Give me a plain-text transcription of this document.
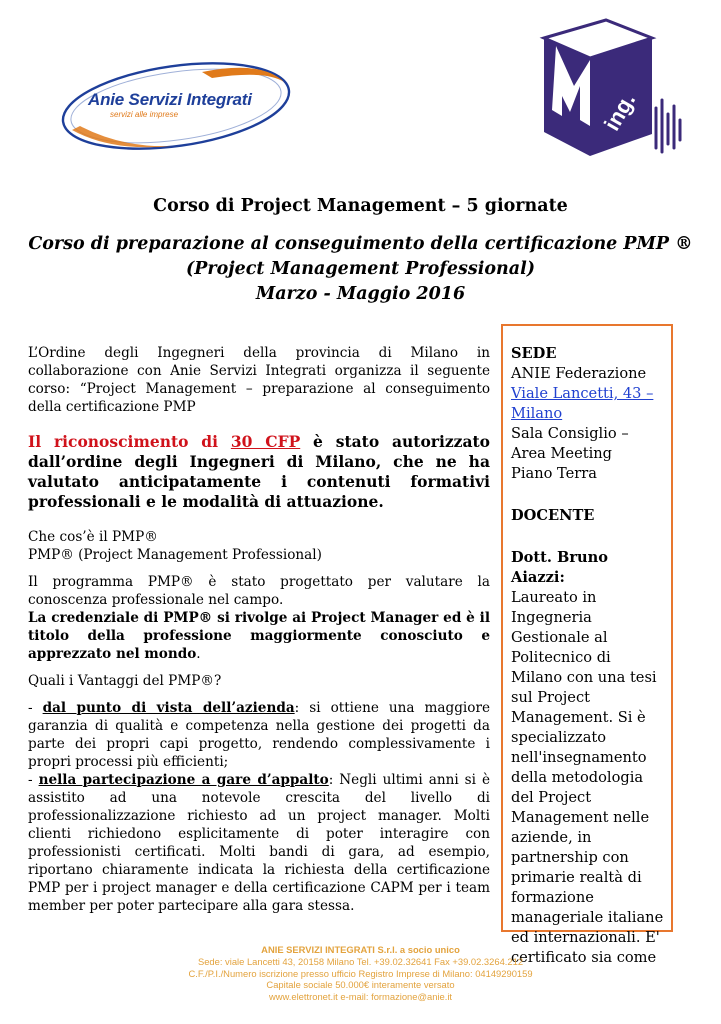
Anie Servizi Integrati
servizi alle imprese	ing.
Corso di Project Management – 5 giornate
Corso di preparazione al conseguimento della certificazione PMP ®
(Project Management Professional)
Marzo - Maggio 2016

L’Ordine degli Ingegneri della provincia di Milano in collaborazione con Anie Servizi Integrati organizza il seguente corso: “Project Management – preparazione al conseguimento della certificazione PMP

Il riconoscimento di 30 CFP è stato autorizzato dall’ordine degli Ingegneri di Milano, che ne ha valutato anticipatamente i contenuti formativi professionali e le modalità di attuazione.

Che cos’è il PMP®

PMP® (Project Management Professional)

Il programma PMP® è stato progettato per valutare la conoscenza professionale nel campo.

La credenziale di PMP® si rivolge ai Project Manager ed è il titolo della professione maggiormente conosciuto e apprezzato nel mondo.

Quali i Vantaggi del PMP®?

- dal punto di vista dell’azienda: si ottiene una maggiore garanzia di qualità e competenza nella gestione dei progetti da parte dei propri capi progetto, rendendo complessivamente i propri processi più efficienti;

- nella partecipazione a gare d’appalto: Negli ultimi anni si è assistito ad una notevole crescita del livello di professionalizzazione richiesto ad un project manager. Molti clienti richiedono esplicitamente di poter interagire con professionisti certificati. Molti bandi di gara, ad esempio, riportano chiaramente indicata la richiesta della certificazione PMP per i project manager e della certificazione CAPM per i team member per poter partecipare alla gara stessa.

SEDE

ANIE Federazione

Viale Lancetti, 43 – Milano

Sala Consiglio – Area Meeting

Piano Terra

DOCENTE

Dott. Bruno Aiazzi:

Laureato in Ingegneria Gestionale al Politecnico di Milano con una tesi sul Project Management. Si è specializzato nell'insegnamento della metodologia del Project Management nelle aziende, in partnership con primarie realtà di formazione manageriale italiane ed internazionali. E' certificato sia come

ANIE SERVIZI INTEGRATI S.r.l. a socio unico
Sede: viale Lancetti 43, 20158 Milano Tel. +39.02.32641 Fax +39.02.3264.212
C.F./P.I./Numero iscrizione presso ufficio Registro Imprese di Milano: 04149290159
Capitale sociale 50.000€ interamente versato
www.elettronet.it e-mail: formazione@anie.it
